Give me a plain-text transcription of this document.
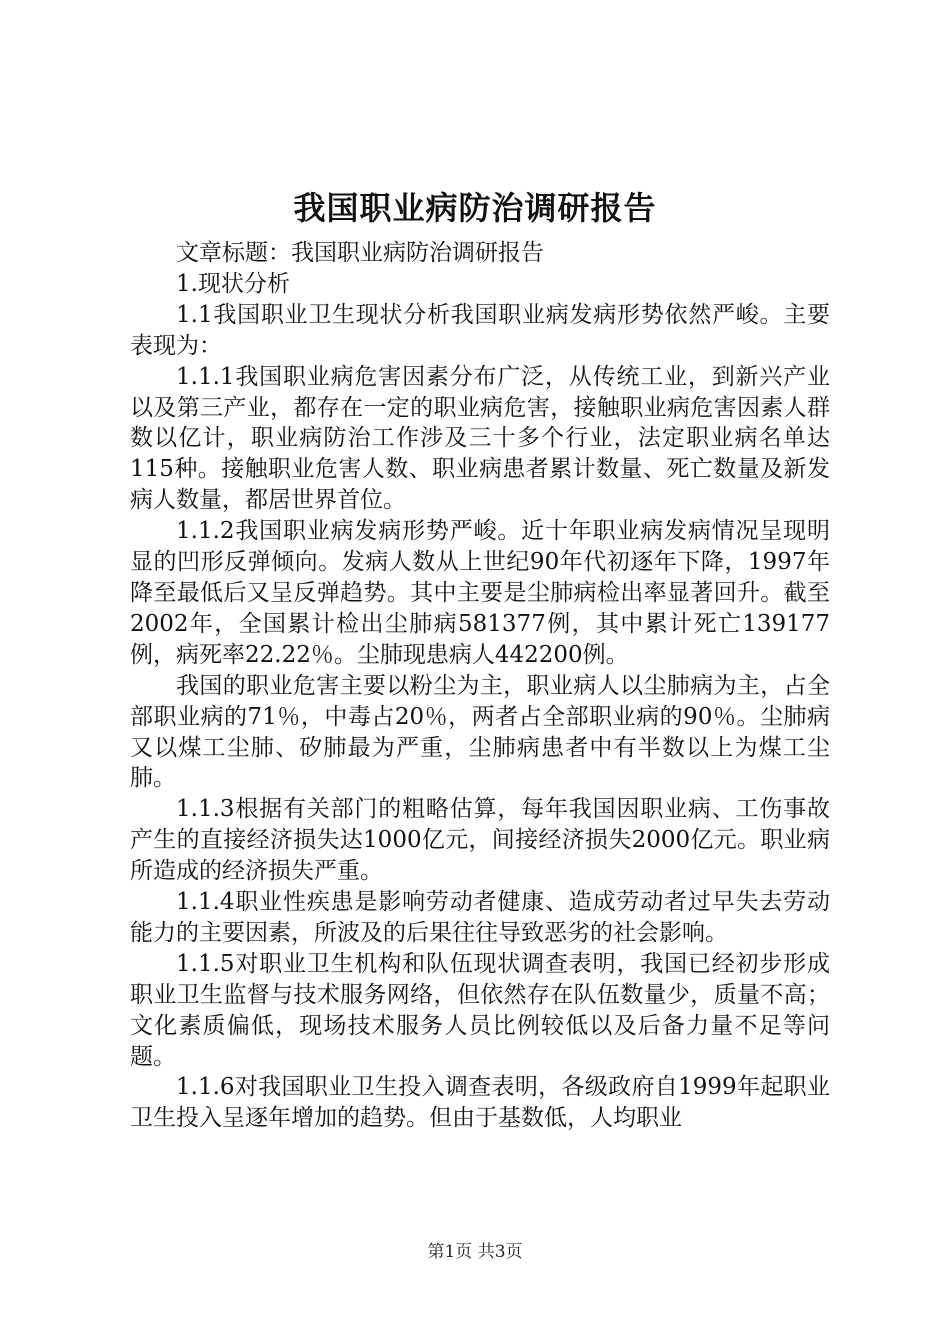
我国职业病防治调研报告

文章标题：我国职业病防治调研报告

1.现状分析

1.1我国职业卫生现状分析我国职业病发病形势依然严峻。主要表现为：

1.1.1我国职业病危害因素分布广泛，从传统工业，到新兴产业以及第三产业，都存在一定的职业病危害，接触职业病危害因素人群数以亿计，职业病防治工作涉及三十多个行业，法定职业病名单达115种。接触职业危害人数、职业病患者累计数量、死亡数量及新发病人数量，都居世界首位。

1.1.2我国职业病发病形势严峻。近十年职业病发病情况呈现明显的凹形反弹倾向。发病人数从上世纪90年代初逐年下降，1997年降至最低后又呈反弹趋势。其中主要是尘肺病检出率显著回升。截至2002年，全国累计检出尘肺病581377例，其中累计死亡139177例，病死率22.22％。尘肺现患病人442200例。

我国的职业危害主要以粉尘为主，职业病人以尘肺病为主，占全部职业病的71％，中毒占20％，两者占全部职业病的90％。尘肺病又以煤工尘肺、矽肺最为严重，尘肺病患者中有半数以上为煤工尘肺。

1.1.3根据有关部门的粗略估算，每年我国因职业病、工伤事故产生的直接经济损失达1000亿元，间接经济损失2000亿元。职业病所造成的经济损失严重。

1.1.4职业性疾患是影响劳动者健康、造成劳动者过早失去劳动能力的主要因素，所波及的后果往往导致恶劣的社会影响。

1.1.5对职业卫生机构和队伍现状调查表明，我国已经初步形成职业卫生监督与技术服务网络，但依然存在队伍数量少，质量不高；文化素质偏低，现场技术服务人员比例较低以及后备力量不足等问题。

1.1.6对我国职业卫生投入调查表明，各级政府自1999年起职业卫生投入呈逐年增加的趋势。但由于基数低，人均职业

第1页 共3页
